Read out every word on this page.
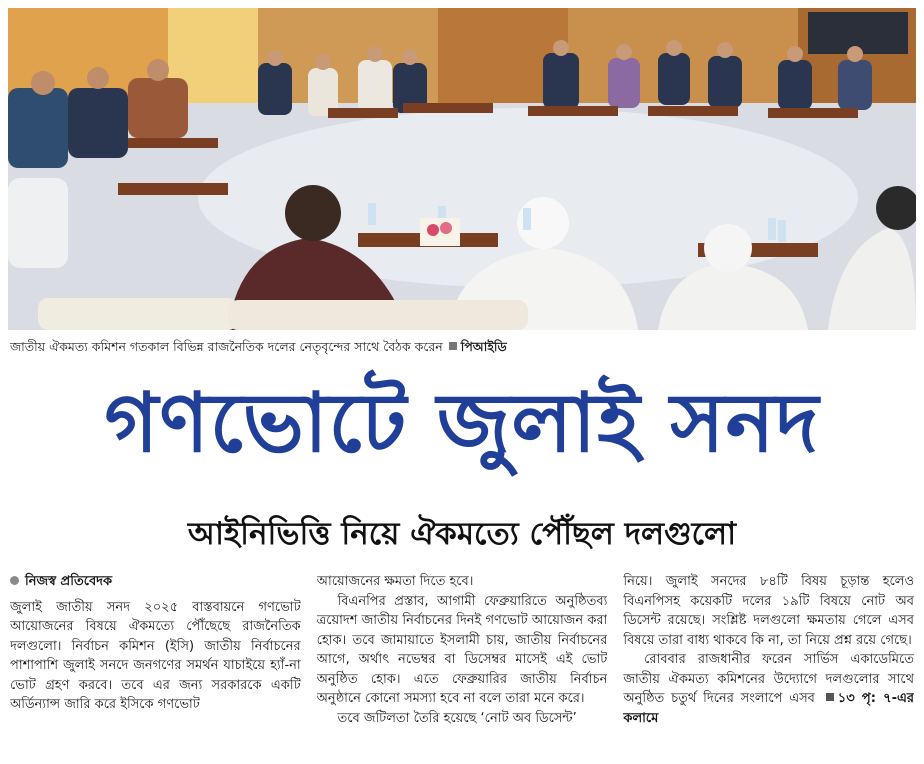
জাতীয় ঐকমত্য কমিশন গতকাল বিভিন্ন রাজনৈতিক দলের নেতৃবৃন্দের সাথে বৈঠক করেন পিআইডি
গণভোটে জুলাই সনদ
আইনিভিত্তি নিয়ে ঐকমত্যে পৌঁছল দলগুলো
নিজস্ব প্রতিবেদক

জুলাই জাতীয় সনদ ২০২৫ বাস্তবায়নে গণভোট আয়োজনের বিষয়ে ঐকমত্যে পৌঁছেছে রাজনৈতিক দলগুলো। নির্বাচন কমিশন (ইসি) জাতীয় নির্বাচনের পাশাপাশি জুলাই সনদে জনগণের সমর্থন যাচাইয়ে হ্যাঁ-না ভোট গ্রহণ করবে। তবে এর জন্য সরকারকে একটি অর্ডিন্যান্স জারি করে ইসিকে গণভোট

আয়োজনের ক্ষমতা দিতে হবে।

বিএনপির প্রস্তাব, আগামী ফেব্রুয়ারিতে অনুষ্ঠিতব্য ত্রয়োদশ জাতীয় নির্বাচনের দিনই গণভোট আয়োজন করা হোক। তবে জামায়াতে ইসলামী চায়, জাতীয় নির্বাচনের আগে, অর্থাৎ নভেম্বর বা ডিসেম্বর মাসেই এই ভোট অনুষ্ঠিত হোক। এতে ফেব্রুয়ারির জাতীয় নির্বাচন অনুষ্ঠানে কোনো সমস্যা হবে না বলে তারা মনে করে।

তবে জটিলতা তৈরি হয়েছে ‘নোট অব ডিসেন্ট’

নিয়ে। জুলাই সনদের ৮৪টি বিষয় চূড়ান্ত হলেও বিএনপিসহ কয়েকটি দলের ১৯টি বিষয়ে নোট অব ডিসেন্ট রয়েছে। সংশ্লিষ্ট দলগুলো ক্ষমতায় গেলে এসব বিষয়ে তারা বাধ্য থাকবে কি না, তা নিয়ে প্রশ্ন রয়ে গেছে।

রোববার রাজধানীর ফরেন সার্ভিস একাডেমিতে জাতীয় ঐকমত্য কমিশনের উদ্যোগে দলগুলোর সাথে অনুষ্ঠিত চতুর্থ দিনের সংলাপে এসব ১৩ পৃ: ৭-এর কলামে
